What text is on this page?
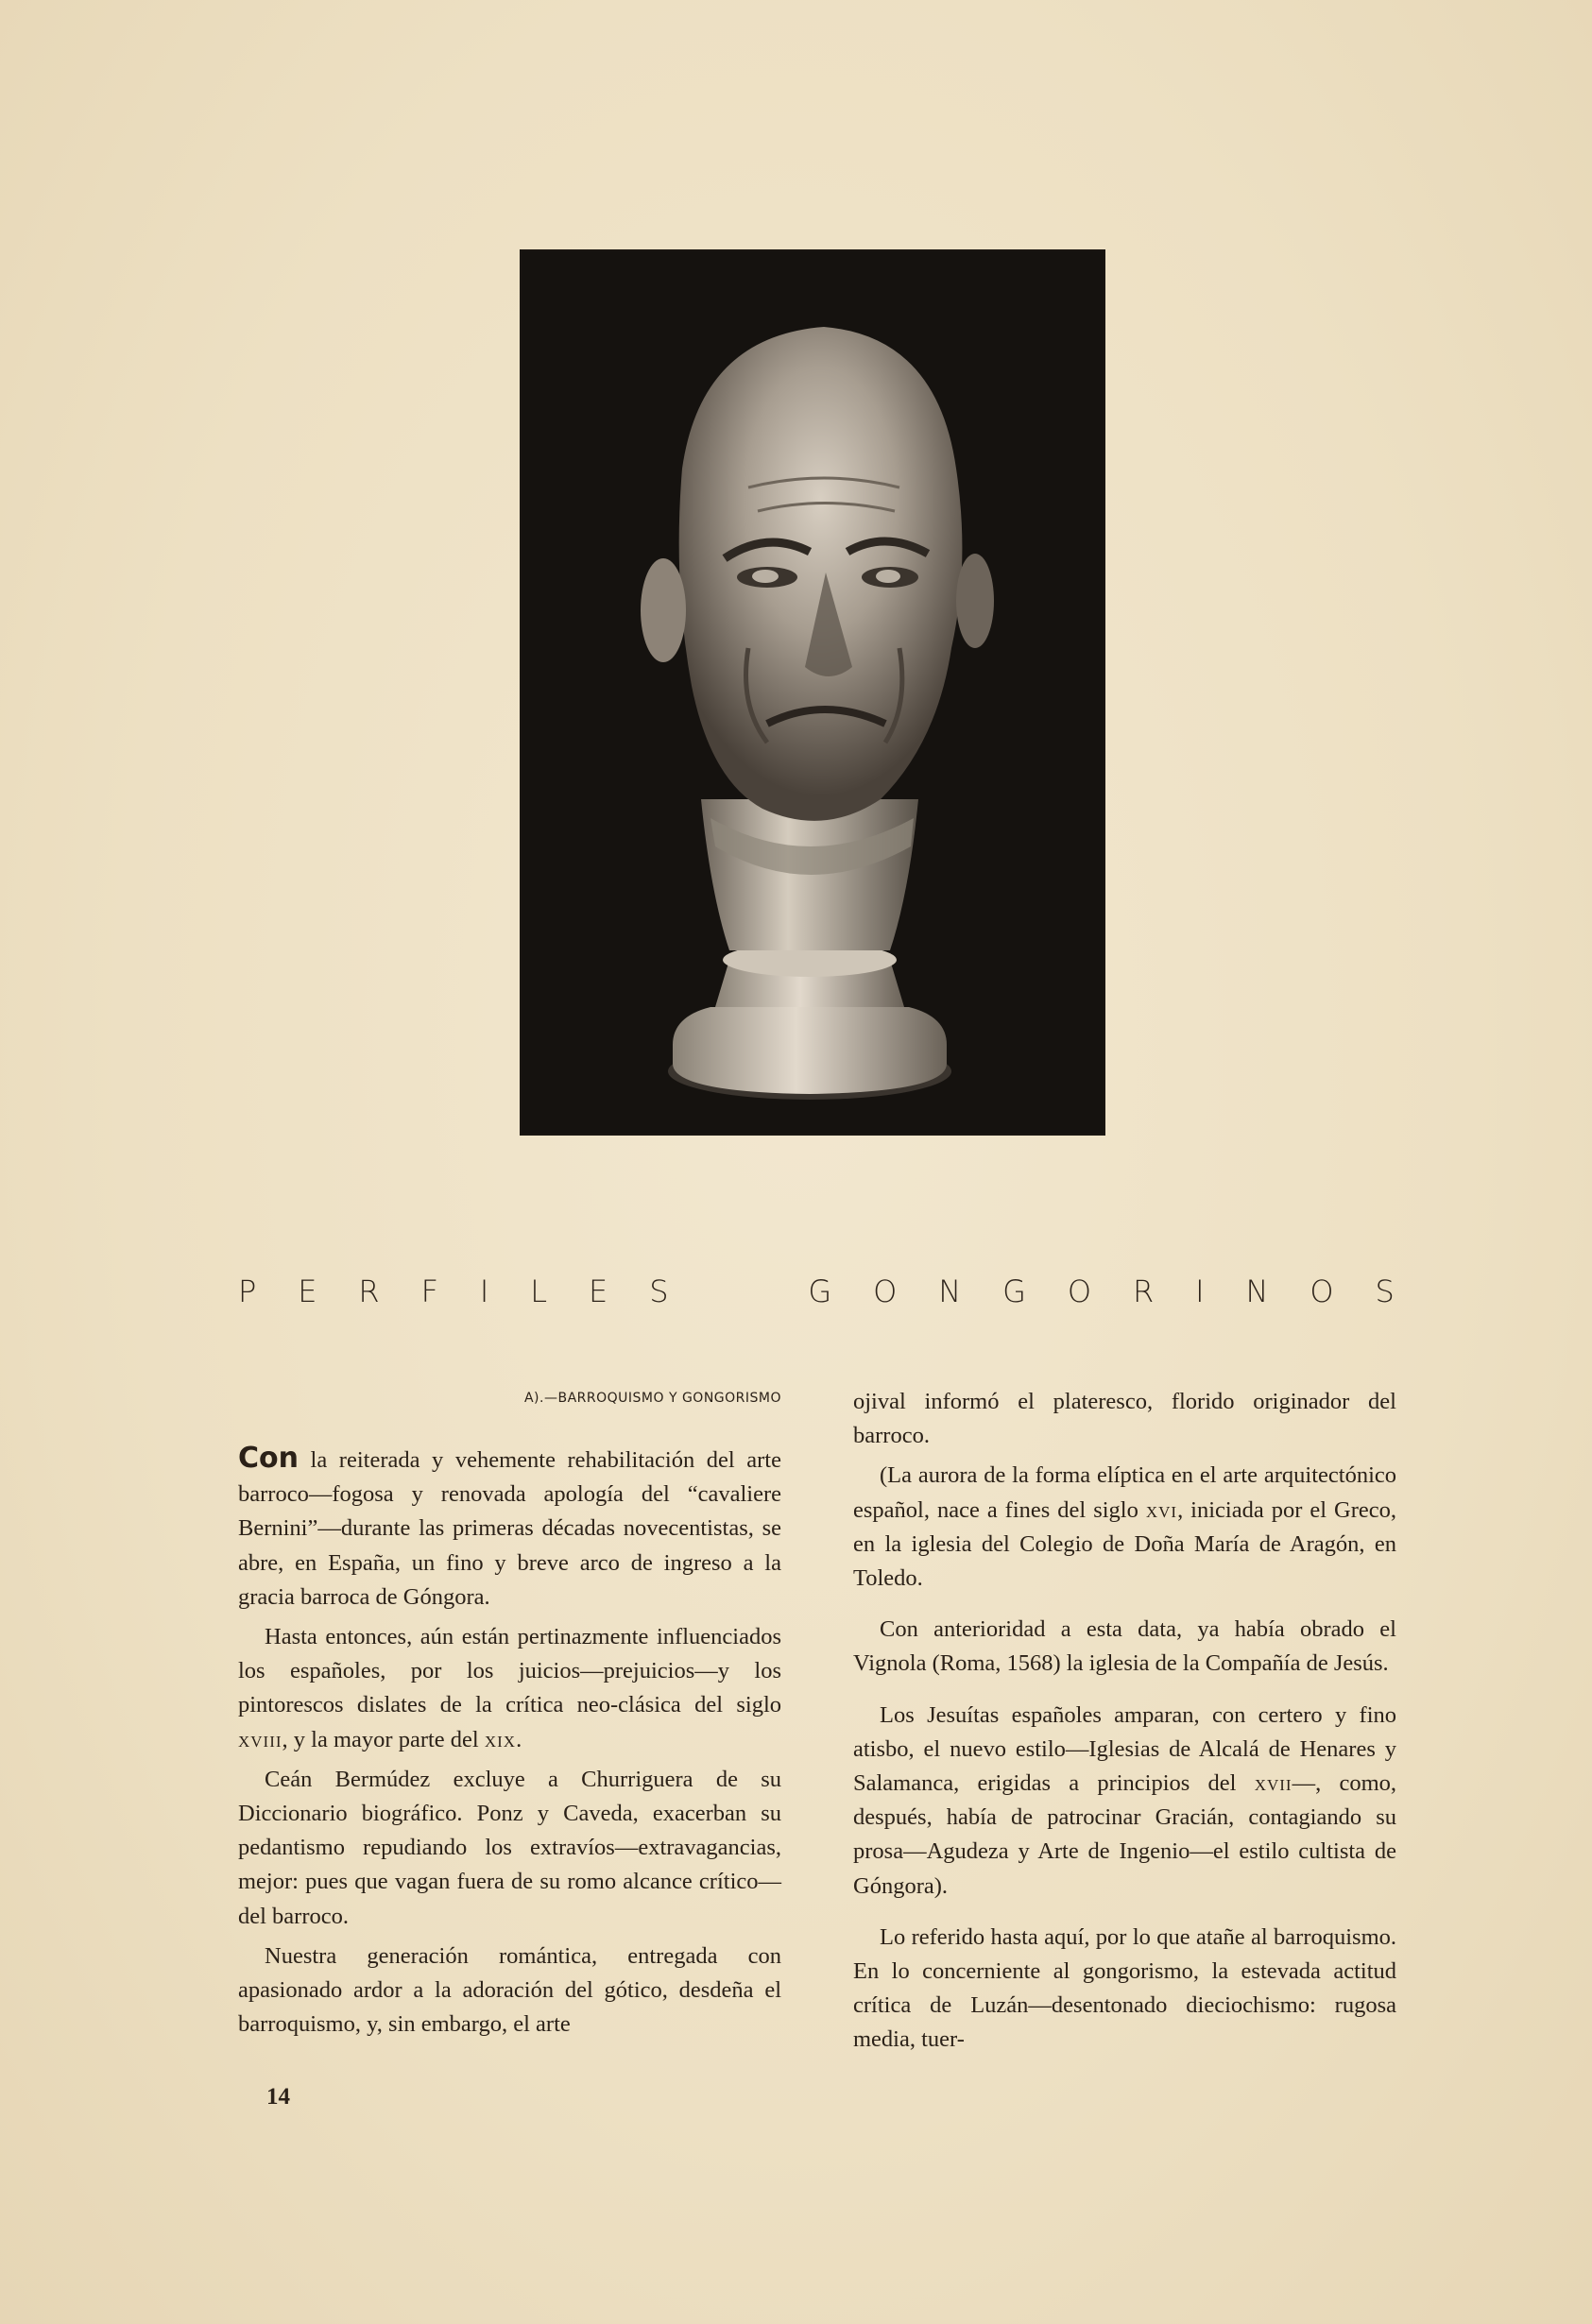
P E R F I L E S	G O N G O R I N O S
A).—BARROQUISMO Y GONGORISMO

Con la reiterada y vehemente rehabilitación del arte barroco—fogosa y renovada apología del “cavaliere Bernini”—durante las primeras décadas novecentistas, se abre, en España, un fino y breve arco de ingreso a la gracia barroca de Góngora.

Hasta entonces, aún están pertinazmente influenciados los españoles, por los juicios—prejuicios—y los pintorescos dislates de la crítica neo-clásica del siglo xviii, y la mayor parte del xix.

Ceán Bermúdez excluye a Churriguera de su Diccionario biográfico. Ponz y Caveda, exacerban su pedantismo repudiando los extravíos—extravagancias, mejor: pues que vagan fuera de su romo alcance crítico—del barroco.

Nuestra generación romántica, entregada con apasionado ardor a la adoración del gótico, desdeña el barroquismo, y, sin embargo, el arte

14

ojival informó el plateresco, florido originador del barroco.

(La aurora de la forma elíptica en el arte arquitectónico español, nace a fines del siglo xvi, iniciada por el Greco, en la iglesia del Colegio de Doña María de Aragón, en Toledo.

Con anterioridad a esta data, ya había obrado el Vignola (Roma, 1568) la iglesia de la Compañía de Jesús.

Los Jesuítas españoles amparan, con certero y fino atisbo, el nuevo estilo—Iglesias de Alcalá de Henares y Salamanca, erigidas a principios del xvii—, como, después, había de patrocinar Gracián, contagiando su prosa—Agudeza y Arte de Ingenio—el estilo cultista de Góngora).

Lo referido hasta aquí, por lo que atañe al barroquismo. En lo concerniente al gongorismo, la estevada actitud crítica de Luzán—desentonado dieciochismo: rugosa media, tuer-
